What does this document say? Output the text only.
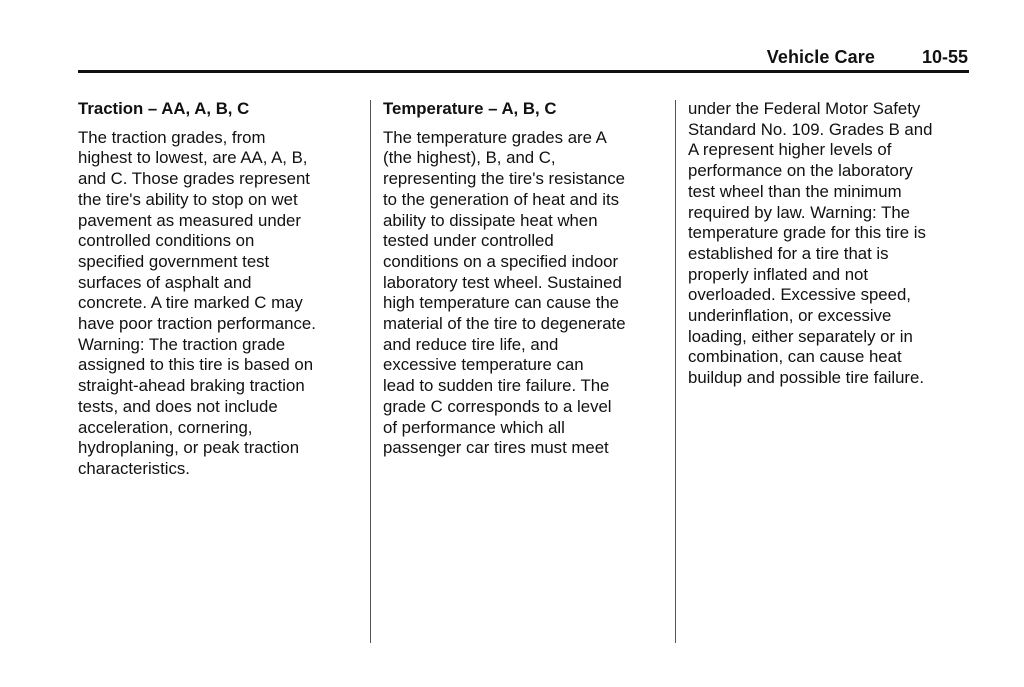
Vehicle Care	10-55
Traction – AA, A, B, C
The traction grades, from
highest to lowest, are AA, A, B,
and C. Those grades represent
the tire's ability to stop on wet
pavement as measured under
controlled conditions on
specified government test
surfaces of asphalt and
concrete. A tire marked C may
have poor traction performance.
Warning: The traction grade
assigned to this tire is based on
straight-ahead braking traction
tests, and does not include
acceleration, cornering,
hydroplaning, or peak traction
characteristics.
Temperature – A, B, C
The temperature grades are A
(the highest), B, and C,
representing the tire's resistance
to the generation of heat and its
ability to dissipate heat when
tested under controlled
conditions on a specified indoor
laboratory test wheel. Sustained
high temperature can cause the
material of the tire to degenerate
and reduce tire life, and
excessive temperature can
lead to sudden tire failure. The
grade C corresponds to a level
of performance which all
passenger car tires must meet
under the Federal Motor Safety
Standard No. 109. Grades B and
A represent higher levels of
performance on the laboratory
test wheel than the minimum
required by law. Warning: The
temperature grade for this tire is
established for a tire that is
properly inflated and not
overloaded. Excessive speed,
underinflation, or excessive
loading, either separately or in
combination, can cause heat
buildup and possible tire failure.
